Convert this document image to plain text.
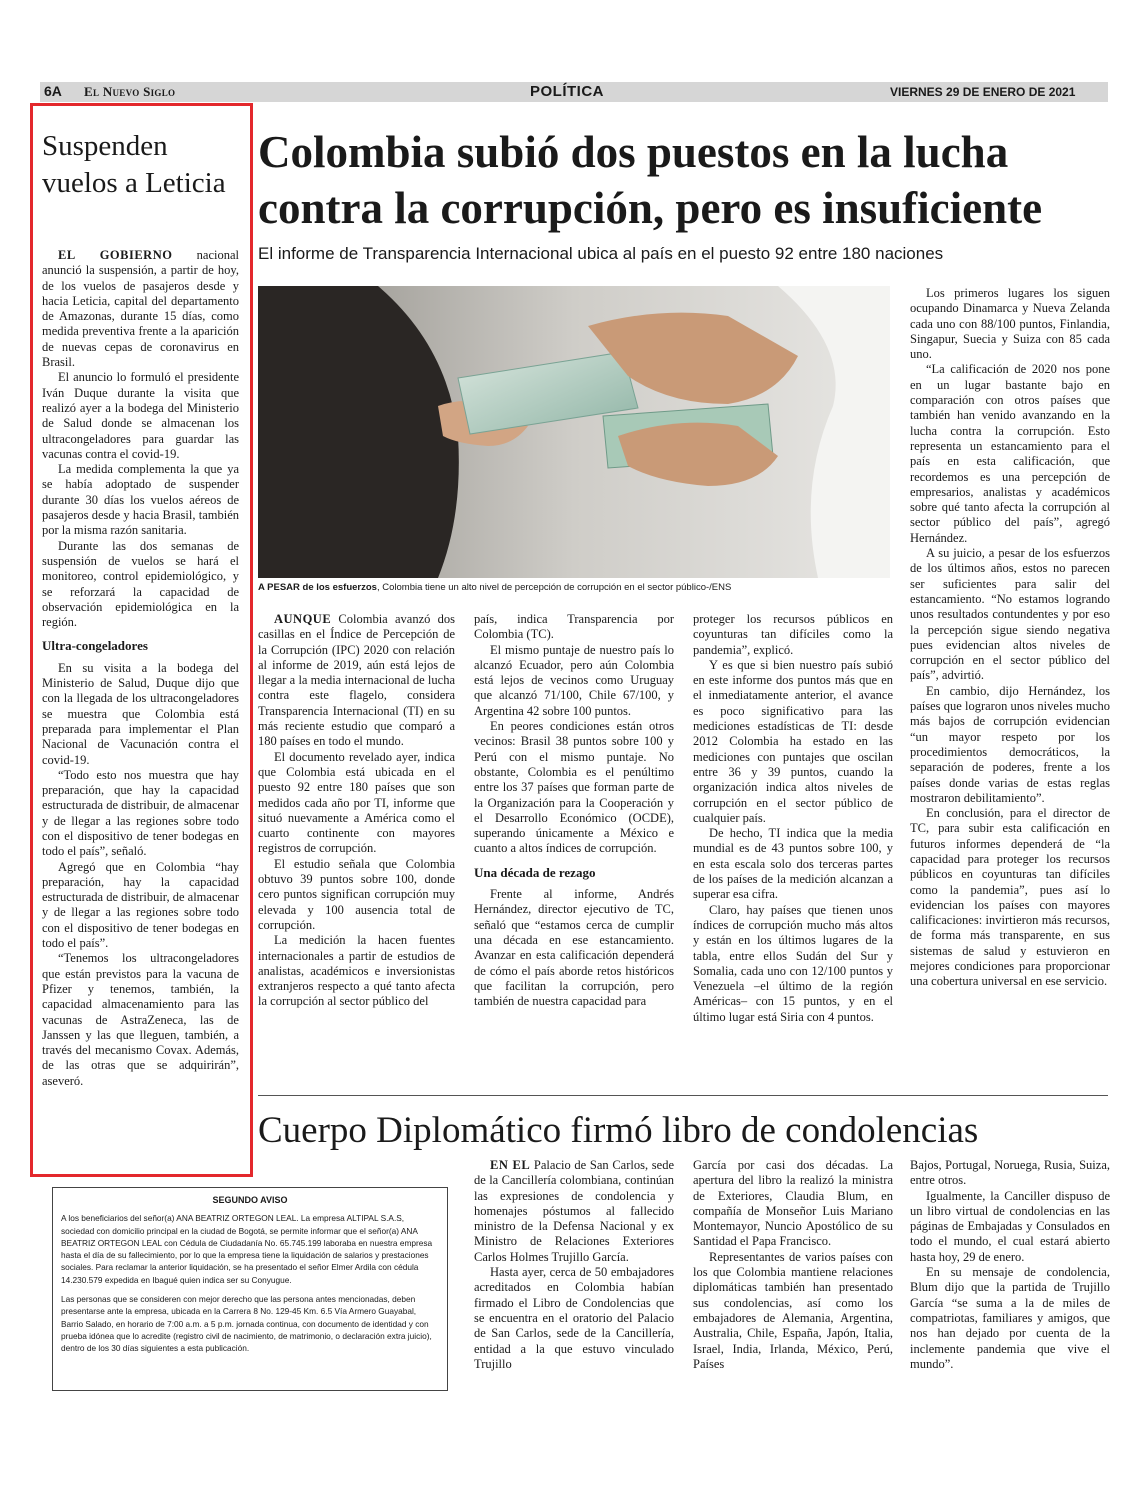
6A El Nuevo Siglo	POLÍTICA	VIERNES 29 DE ENERO DE 2021
Suspenden vuelos a Leticia

EL GOBIERNO nacional anunció la suspensión, a partir de hoy, de los vuelos de pasajeros desde y hacia Leticia, capital del departamento de Amazonas, durante 15 días, como medida preventiva frente a la aparición de nuevas cepas de coronavirus en Brasil.

El anuncio lo formuló el presidente Iván Duque durante la visita que realizó ayer a la bodega del Ministerio de Salud donde se almacenan los ultracongeladores para guardar las vacunas contra el covid-19.

La medida complementa la que ya se había adoptado de suspender durante 30 días los vuelos aéreos de pasajeros desde y hacia Brasil, también por la misma razón sanitaria.

Durante las dos semanas de suspensión de vuelos se hará el monitoreo, control epidemiológico, y se reforzará la capacidad de observación epidemiológica en la región.

Ultra-congeladores

En su visita a la bodega del Ministerio de Salud, Duque dijo que con la llegada de los ultracongeladores se muestra que Colombia está preparada para implementar el Plan Nacional de Vacunación contra el covid-19.

“Todo esto nos muestra que hay preparación, que hay la capacidad estructurada de distribuir, de almacenar y de llegar a las regiones sobre todo con el dispositivo de tener bodegas en todo el país”, señaló.

Agregó que en Colombia “hay preparación, hay la capacidad estructurada de distribuir, de almacenar y de llegar a las regiones sobre todo con el dispositivo de tener bodegas en todo el país”.

“Tenemos los ultracongeladores que están previstos para la vacuna de Pfizer y tenemos, también, la capacidad almacenamiento para las vacunas de AstraZeneca, las de Janssen y las que lleguen, también, a través del mecanismo Covax. Además, de las otras que se adquirirán”, aseveró.

Colombia subió dos puestos en la lucha contra la corrupción, pero es insuficiente
El informe de Transparencia Internacional ubica al país en el puesto 92 entre 180 naciones
A PESAR de los esfuerzos, Colombia tiene un alto nivel de percepción de corrupción en el sector público-/ENS

AUNQUE Colombia avanzó dos casillas en el Índice de Percepción de la Corrupción (IPC) 2020 con relación al informe de 2019, aún está lejos de llegar a la media internacional de lucha contra este flagelo, considera Transparencia Internacional (TI) en su más reciente estudio que comparó a 180 países en todo el mundo.

El documento revelado ayer, indica que Colombia está ubicada en el puesto 92 entre 180 países que son medidos cada año por TI, informe que situó nuevamente a América como el cuarto continente con mayores registros de corrupción.

El estudio señala que Colombia obtuvo 39 puntos sobre 100, donde cero puntos significan corrupción muy elevada y 100 ausencia total de corrupción.

La medición la hacen fuentes internacionales a partir de estudios de analistas, académicos e inversionistas extranjeros respecto a qué tanto afecta la corrupción al sector público del

país, indica Transparencia por Colombia (TC).

El mismo puntaje de nuestro país lo alcanzó Ecuador, pero aún Colombia está lejos de vecinos como Uruguay que alcanzó 71/100, Chile 67/100, y Argentina 42 sobre 100 puntos.

En peores condiciones están otros vecinos: Brasil 38 puntos sobre 100 y Perú con el mismo puntaje. No obstante, Colombia es el penúltimo entre los 37 países que forman parte de la Organización para la Cooperación y el Desarrollo Económico (OCDE), superando únicamente a México e cuanto a altos índices de corrupción.

Una década de rezago

Frente al informe, Andrés Hernández, director ejecutivo de TC, señaló que “estamos cerca de cumplir una década en ese estancamiento. Avanzar en esta calificación dependerá de cómo el país aborde retos históricos que facilitan la corrupción, pero también de nuestra capacidad para

proteger los recursos públicos en coyunturas tan difíciles como la pandemia”, explicó.

Y es que si bien nuestro país subió en este informe dos puntos más que en el inmediatamente anterior, el avance es poco significativo para las mediciones estadísticas de TI: desde 2012 Colombia ha estado en las mediciones con puntajes que oscilan entre 36 y 39 puntos, cuando la organización indica altos niveles de corrupción en el sector público de cualquier país.

De hecho, TI indica que la media mundial es de 43 puntos sobre 100, y en esta escala solo dos terceras partes de los países de la medición alcanzan a superar esa cifra.

Claro, hay países que tienen unos índices de corrupción mucho más altos y están en los últimos lugares de la tabla, entre ellos Sudán del Sur y Somalia, cada uno con 12/100 puntos y Venezuela –el último de la región Américas– con 15 puntos, y en el último lugar está Siria con 4 puntos.

Los primeros lugares los siguen ocupando Dinamarca y Nueva Zelanda cada uno con 88/100 puntos, Finlandia, Singapur, Suecia y Suiza con 85 cada uno.

“La calificación de 2020 nos pone en un lugar bastante bajo en comparación con otros países que también han venido avanzando en la lucha contra la corrupción. Esto representa un estancamiento para el país en esta calificación, que recordemos es una percepción de empresarios, analistas y académicos sobre qué tanto afecta la corrupción al sector público del país”, agregó Hernández.

A su juicio, a pesar de los esfuerzos de los últimos años, estos no parecen ser suficientes para salir del estancamiento. “No estamos logrando unos resultados contundentes y por eso la percepción sigue siendo negativa pues evidencian altos niveles de corrupción en el sector público del país”, advirtió.

En cambio, dijo Hernández, los países que lograron unos niveles mucho más bajos de corrupción evidencian “un mayor respeto por los procedimientos democráticos, la separación de poderes, frente a los países donde varias de estas reglas mostraron debilitamiento”.

En conclusión, para el director de TC, para subir esta calificación en futuros informes dependerá de “la capacidad para proteger los recursos públicos en coyunturas tan difíciles como la pandemia”, pues así lo evidencian los países con mayores calificaciones: invirtieron más recursos, de forma más transparente, en sus sistemas de salud y estuvieron en mejores condiciones para proporcionar una cobertura universal en ese servicio.

Cuerpo Diplomático firmó libro de condolencias

EN EL Palacio de San Carlos, sede de la Cancillería colombiana, continúan las expresiones de condolencia y homenajes póstumos al fallecido ministro de la Defensa Nacional y ex Ministro de Relaciones Exteriores Carlos Holmes Trujillo García.

Hasta ayer, cerca de 50 embajadores acreditados en Colombia habían firmado el Libro de Condolencias que se encuentra en el oratorio del Palacio de San Carlos, sede de la Cancillería, entidad a la que estuvo vinculado Trujillo

García por casi dos décadas. La apertura del libro la realizó la ministra de Exteriores, Claudia Blum, en compañía de Monseñor Luis Mariano Montemayor, Nuncio Apostólico de su Santidad el Papa Francisco.

Representantes de varios países con los que Colombia mantiene relaciones diplomáticas también han presentado sus condolencias, así como los embajadores de Alemania, Argentina, Australia, Chile, España, Japón, Italia, Israel, India, Irlanda, México, Perú, Países

Bajos, Portugal, Noruega, Rusia, Suiza, entre otros.

Igualmente, la Canciller dispuso de un libro virtual de condolencias en las páginas de Embajadas y Consulados en todo el mundo, el cual estará abierto hasta hoy, 29 de enero.

En su mensaje de condolencia, Blum dijo que la partida de Trujillo García “se suma a la de miles de compatriotas, familiares y amigos, que nos han dejado por cuenta de la inclemente pandemia que vive el mundo”.

SEGUNDO AVISO

A los beneficiarios del señor(a) ANA BEATRIZ ORTEGON LEAL. La empresa ALTIPAL S.A.S, sociedad con domicilio principal en la ciudad de Bogotá, se permite informar que el señor(a) ANA BEATRIZ ORTEGON LEAL con Cédula de Ciudadanía No. 65.745.199 laboraba en nuestra empresa hasta el día de su fallecimiento, por lo que la empresa tiene la liquidación de salarios y prestaciones sociales. Para reclamar la anterior liquidación, se ha presentado el señor Elmer Ardila con cédula 14.230.579 expedida en Ibagué quien indica ser su Conyugue.

Las personas que se consideren con mejor derecho que las persona antes mencionadas, deben presentarse ante la empresa, ubicada en la Carrera 8 No. 129-45 Km. 6.5 Vía Armero Guayabal, Barrio Salado, en horario de 7:00 a.m. a 5 p.m. jornada continua, con documento de identidad y con prueba idónea que lo acredite (registro civil de nacimiento, de matrimonio, o declaración extra juicio), dentro de los 30 días siguientes a esta publicación.
